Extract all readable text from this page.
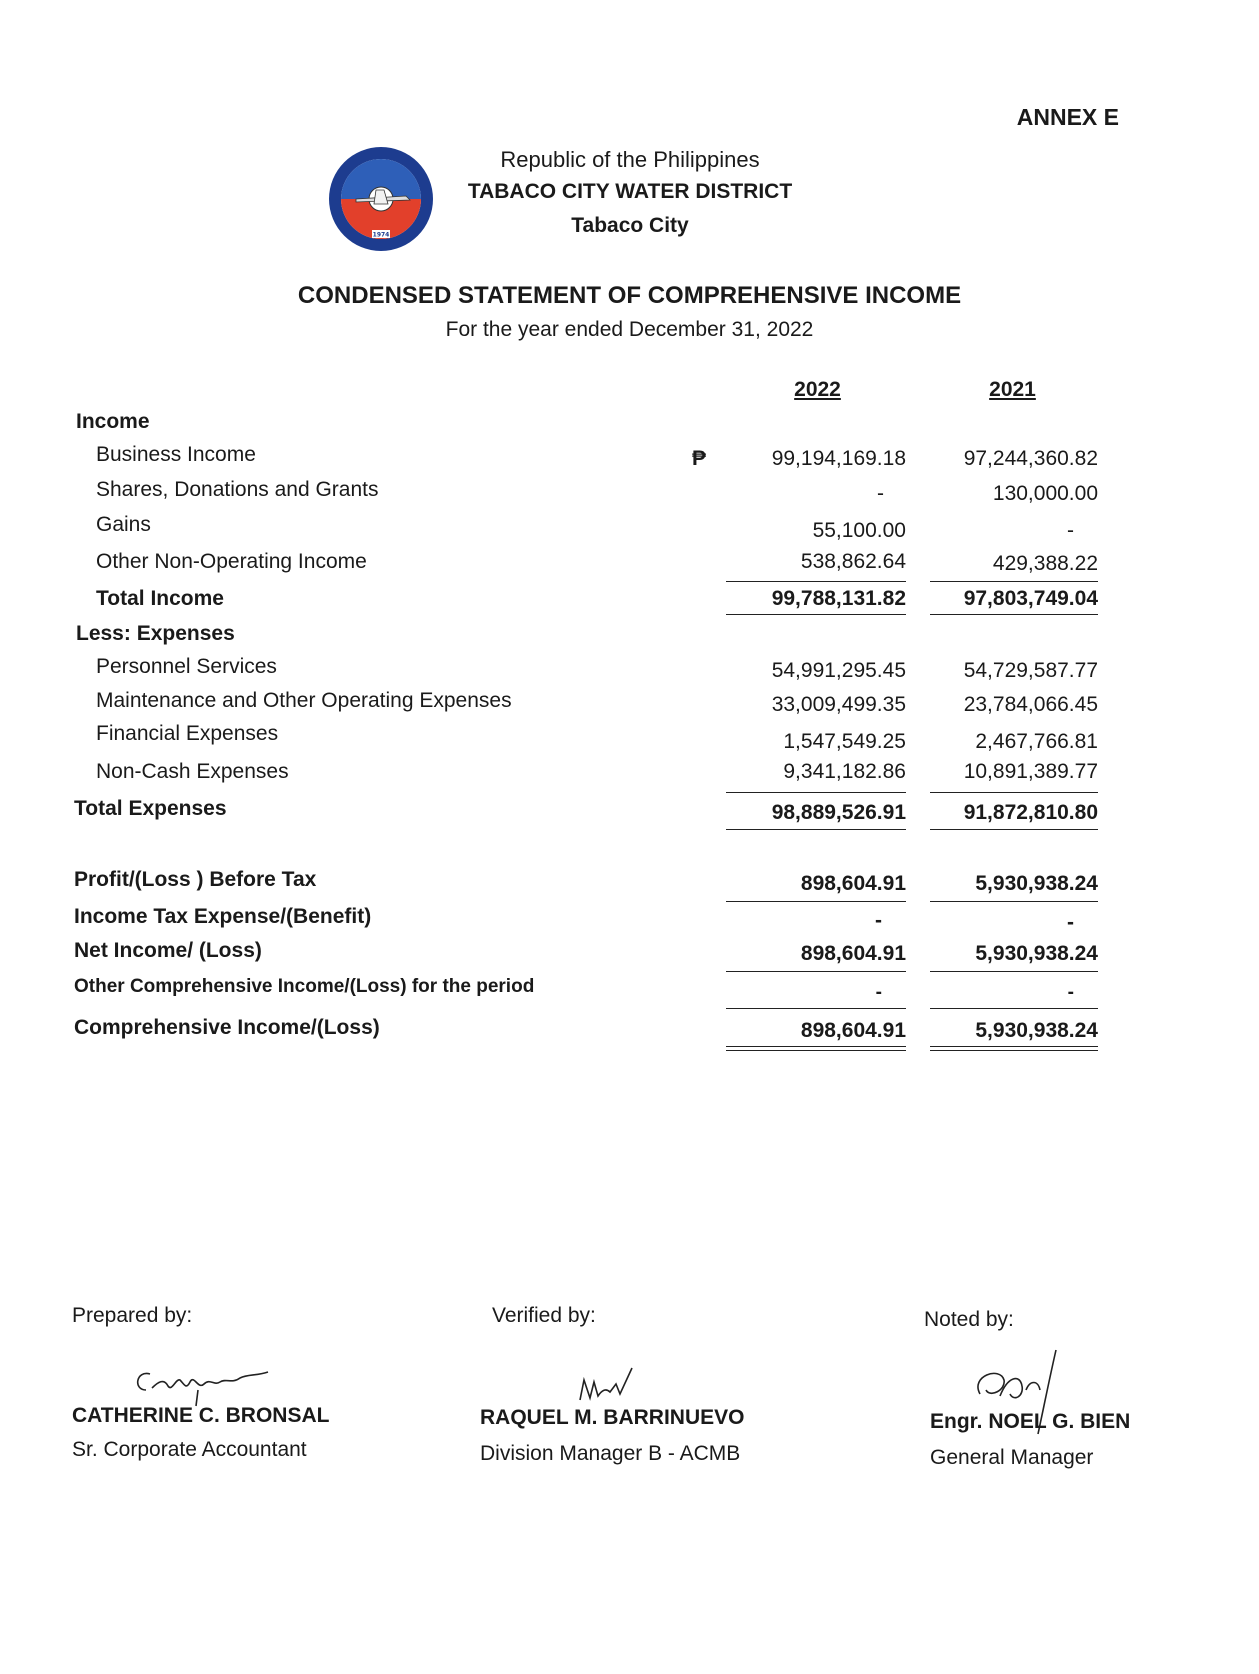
ANNEX E
1974
Republic of the Philippines
TABACO CITY WATER DISTRICT
Tabaco City
CONDENSED STATEMENT OF COMPREHENSIVE INCOME
For the year ended December 31, 2022
2022	2021
Income
Business Income	₱	99,194,169.18	97,244,360.82
Shares, Donations and Grants	-	130,000.00
Gains	55,100.00	-
Other Non-Operating Income	538,862.64	429,388.22
Total Income	99,788,131.82	97,803,749.04
Less: Expenses
Personnel Services	54,991,295.45	54,729,587.77
Maintenance and Other Operating Expenses	33,009,499.35	23,784,066.45
Financial Expenses	1,547,549.25	2,467,766.81
Non-Cash Expenses	9,341,182.86	10,891,389.77
Total Expenses	98,889,526.91	91,872,810.80
Profit/(Loss ) Before Tax	898,604.91	5,930,938.24
Income Tax Expense/(Benefit)	-	-
Net Income/ (Loss)	898,604.91	5,930,938.24
Other Comprehensive Income/(Loss) for the period	-	-
Comprehensive Income/(Loss)	898,604.91	5,930,938.24
Prepared by:
CATHERINE C. BRONSAL
Sr. Corporate Accountant
Verified by:
RAQUEL M. BARRINUEVO
Division Manager B - ACMB
Noted by:
Engr. NOEL G. BIEN
General Manager
